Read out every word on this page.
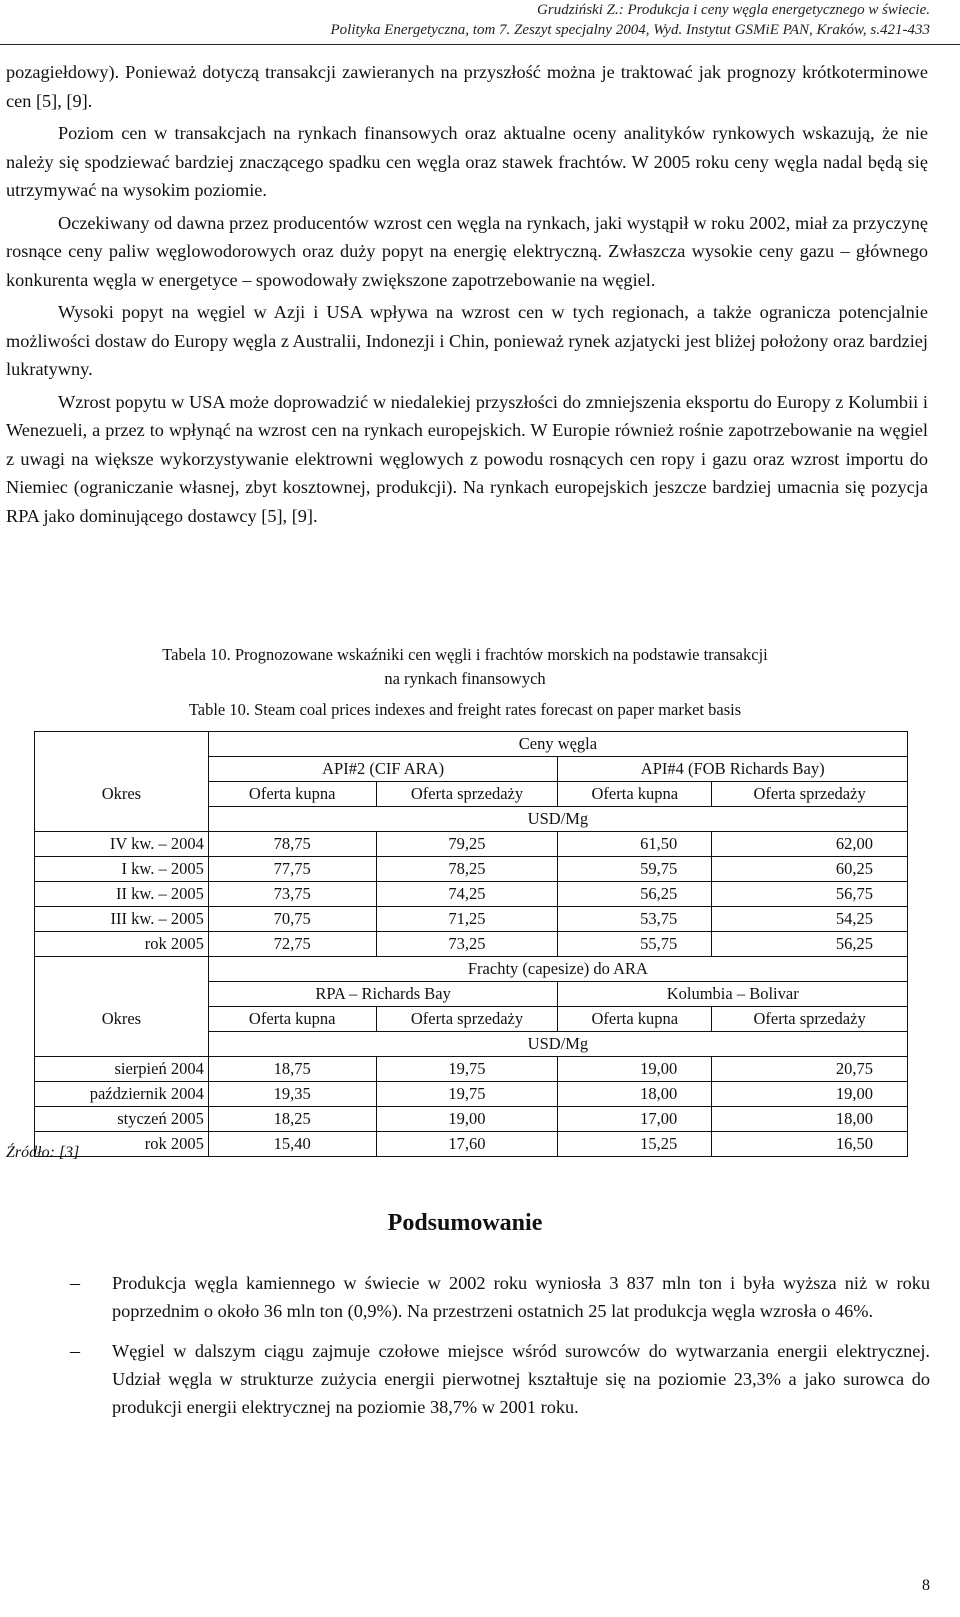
Grudziński Z.: Produkcja i ceny węgla energetycznego w świecie.
Polityka Energetyczna, tom 7. Zeszyt specjalny 2004, Wyd. Instytut GSMiE PAN, Kraków, s.421-433

pozagiełdowy). Ponieważ dotyczą transakcji zawieranych na przyszłość można je traktować jak prognozy krótkoterminowe cen [5], [9].

Poziom cen w transakcjach na rynkach finansowych oraz aktualne oceny analityków rynkowych wskazują, że nie należy się spodziewać bardziej znaczącego spadku cen węgla oraz stawek frachtów. W 2005 roku ceny węgla nadal będą się utrzymywać na wysokim poziomie.

Oczekiwany od dawna przez producentów wzrost cen węgla na rynkach, jaki wystąpił w roku 2002, miał za przyczynę rosnące ceny paliw węglowodorowych oraz duży popyt na energię elektryczną. Zwłaszcza wysokie ceny gazu – głównego konkurenta węgla w energetyce – spowodowały zwiększone zapotrzebowanie na węgiel.

Wysoki popyt na węgiel w Azji i USA wpływa na wzrost cen w tych regionach, a także ogranicza potencjalnie możliwości dostaw do Europy węgla z Australii, Indonezji i Chin, ponieważ rynek azjatycki jest bliżej położony oraz bardziej lukratywny.

Wzrost popytu w USA może doprowadzić w niedalekiej przyszłości do zmniejszenia eksportu do Europy z Kolumbii i Wenezueli, a przez to wpłynąć na wzrost cen na rynkach europejskich. W Europie również rośnie zapotrzebowanie na węgiel z uwagi na większe wykorzystywanie elektrowni węglowych z powodu rosnących cen ropy i gazu oraz wzrost importu do Niemiec (ograniczanie własnej, zbyt kosztownej, produkcji). Na rynkach europejskich jeszcze bardziej umacnia się pozycja RPA jako dominującego dostawcy [5], [9].

Tabela 10. Prognozowane wskaźniki cen węgli i frachtów morskich na podstawie transakcji
na rynkach finansowych
Table 10. Steam coal prices indexes and freight rates forecast on paper market basis
	Ceny węgla			
	API#2 (CIF ARA)		API#4 (FOB Richards Bay)	
Okres	Oferta kupna	Oferta sprzedaży	Oferta kupna	Oferta sprzedaży
	USD/Mg			
IV kw. – 2004	78,75	79,25	61,50	62,00
I kw. – 2005	77,75	78,25	59,75	60,25
II kw. – 2005	73,75	74,25	56,25	56,75
III kw. – 2005	70,75	71,25	53,75	54,25
rok 2005	72,75	73,25	55,75	56,25
	Frachty (capesize) do ARA			
	RPA – Richards Bay		Kolumbia – Bolivar	
Okres	Oferta kupna	Oferta sprzedaży	Oferta kupna	Oferta sprzedaży
	USD/Mg			
sierpień 2004	18,75	19,75	19,00	20,75
październik 2004	19,35	19,75	18,00	19,00
styczeń 2005	18,25	19,00	17,00	18,00
rok 2005	15,40	17,60	15,25	16,50
Źródło: [3]
Podsumowanie
– Produkcja węgla kamiennego w świecie w 2002 roku wyniosła 3 837 mln ton i była wyższa niż w roku poprzednim o około 36 mln ton (0,9%). Na przestrzeni ostatnich 25 lat produkcja węgla wzrosła o 46%.
– Węgiel w dalszym ciągu zajmuje czołowe miejsce wśród surowców do wytwarzania energii elektrycznej. Udział węgla w strukturze zużycia energii pierwotnej kształtuje się na poziomie 23,3% a jako surowca do produkcji energii elektrycznej na poziomie 38,7% w 2001 roku.
8
